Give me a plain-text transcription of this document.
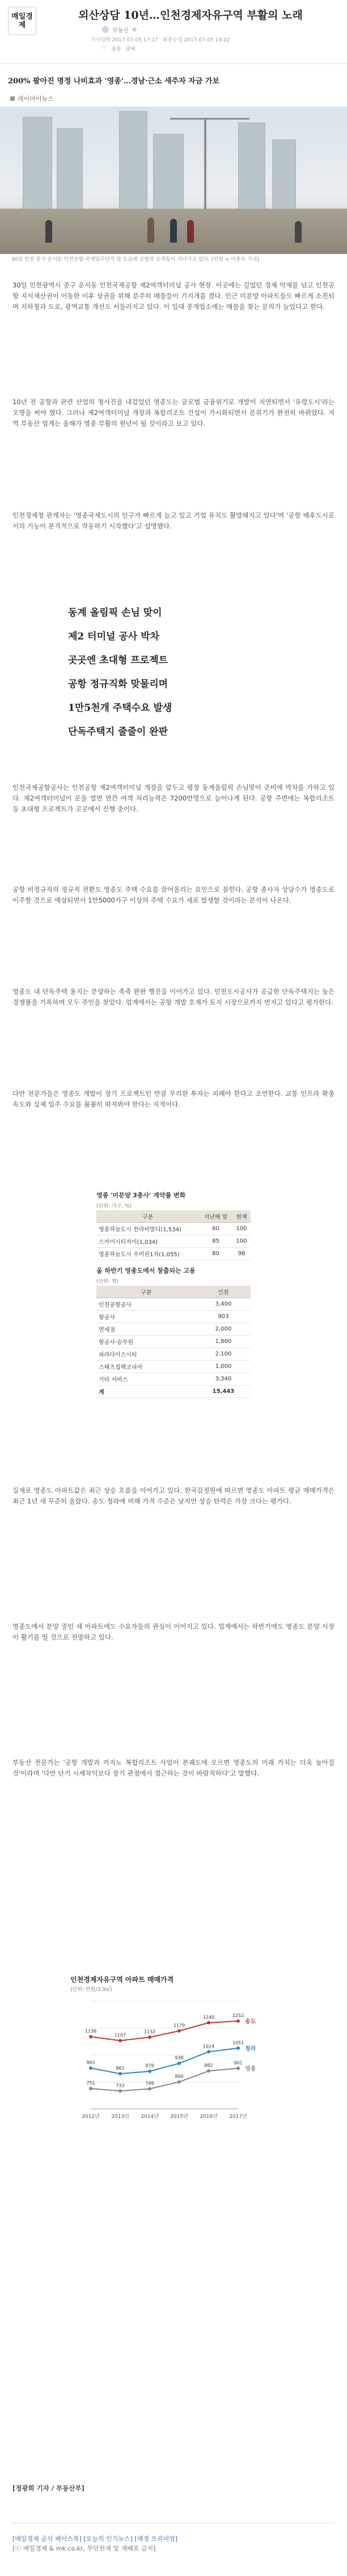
매일경제
외산상담 10년…인천경제자유구역 부활의 노래
부동산 ⊕
기사입력 2017-07-05 17:17 최종수정 2017-07-05 19:22
♡ 공유 글씨
200% 팔아진 명정 나비효과 '영종'…경남·근소 새주자 자금 가보
레이아이뉴스
30일 인천 중구 운서동 인천공항 국제업무단지 앞 도로에 공항과 승객들이 지나가고 있다. [인천 = 이충우 기자]
30일 인천광역시 중구 운서동 인천국제공항 제2여객터미널 공사 현장. 이곳에는 길었던 경제 악재를 넘고 인천공항 지식재산권이 이동한 이후 상권을 위해 분주히 매물들이 기지개를 켰다. 인근 미분양 아파트들도 빠르게 소진되며 지하철과 도로, 광역교통 개선도 서둘러지고 있다. 이 일대 중개업소에는 매물을 찾는 문의가 늘었다고 한다.
10년 전 공항과 관련 산업의 청사진을 내걸었던 영종도는 글로벌 금융위기로 개발이 지연되면서 '유령도시'라는 오명을 써야 했다. 그러나 제2여객터미널 개장과 복합리조트 건설이 가시화되면서 분위기가 완전히 바뀌었다. 지역 부동산 업계는 올해가 영종 부활의 원년이 될 것이라고 보고 있다.
인천경제청 관계자는 '영종국제도시의 인구가 빠르게 늘고 있고 기업 유치도 활발해지고 있다'며 '공항 배후도시로서의 기능이 본격적으로 작동하기 시작했다'고 설명했다.
동계 올림픽 손님 맞이
제2 터미널 공사 박차
곳곳엔 초대형 프로젝트
공항 정규직화 맞물리며
1만5천개 주택수요 발생
단독주택지 줄줄이 완판
인천국제공항공사는 인천공항 제2여객터미널 개장을 앞두고 평창 동계올림픽 손님맞이 준비에 박차를 가하고 있다. 제2여객터미널이 문을 열면 연간 여객 처리능력은 7200만명으로 늘어나게 된다. 공항 주변에는 복합리조트 등 초대형 프로젝트가 곳곳에서 진행 중이다.
공항 비정규직의 정규직 전환도 영종도 주택 수요를 끌어올리는 요인으로 꼽힌다. 공항 종사자 상당수가 영종도로 이주할 것으로 예상되면서 1만5000가구 이상의 주택 수요가 새로 발생할 것이라는 분석이 나온다.
영종도 내 단독주택 용지는 분양하는 족족 완판 행진을 이어가고 있다. 인천도시공사가 공급한 단독주택지는 높은 경쟁률을 기록하며 모두 주인을 찾았다. 업계에서는 공항 개발 호재가 토지 시장으로까지 번지고 있다고 평가한다.
다만 전문가들은 영종도 개발이 장기 프로젝트인 만큼 무리한 투자는 피해야 한다고 조언한다. 교통 인프라 확충 속도와 실제 입주 수요를 꼼꼼히 따져봐야 한다는 지적이다.
영종 '미분양 3총사' 계약률 변화
(단위: 가구, %)
구분	지난해 말	현재
영종하늘도시 한라비발디(1,534)	60	100
스카이시티자이(1,034)	85	100
영종하늘도시 우미린1차(1,055)	80	98
올 하반기 영종도에서 창출되는 고용
(단위: 명)
구분	인원
인천공항공사	3,400
항공사	903
면세점	2,000
항공사·승무원	1,800
파라다이스시티	2,100
스태츠칩팩코리아	1,000
기타 서비스	3,340
계	15,443
실제로 영종도 아파트값은 최근 상승 흐름을 이어가고 있다. 한국감정원에 따르면 영종도 아파트 평균 매매가격은 최근 1년 새 꾸준히 올랐다. 송도·청라에 비해 가격 수준은 낮지만 상승 탄력은 가장 크다는 평가다.
영종도에서 분양 중인 새 아파트에도 수요자들의 관심이 이어지고 있다. 업계에서는 하반기에도 영종도 분양 시장이 활기를 띨 것으로 전망하고 있다.
부동산 전문가는 '공항 개발과 카지노 복합리조트 사업이 본궤도에 오르면 영종도의 미래 가치는 더욱 높아질 것'이라며 '다만 단기 시세차익보다 장기 관점에서 접근하는 것이 바람직하다'고 말했다.
인천경제자유구역 아파트 매매가격
(단위: 만원/3.3㎡)
2012년 2013년 2014년 2015년 2016년 2017년
1136
1107
1132
1179
1240	1252
송도
903
861	879
938
1024
1051
청라
751	733	749
800
882
901
영종
[정광희 기자 / 부동산부]
[매일경제 공식 페이스북] [오늘의 인기뉴스] [매경 프리미엄]
[ⓒ 매일경제 & mk.co.kr, 무단전재 및 재배포 금지]
